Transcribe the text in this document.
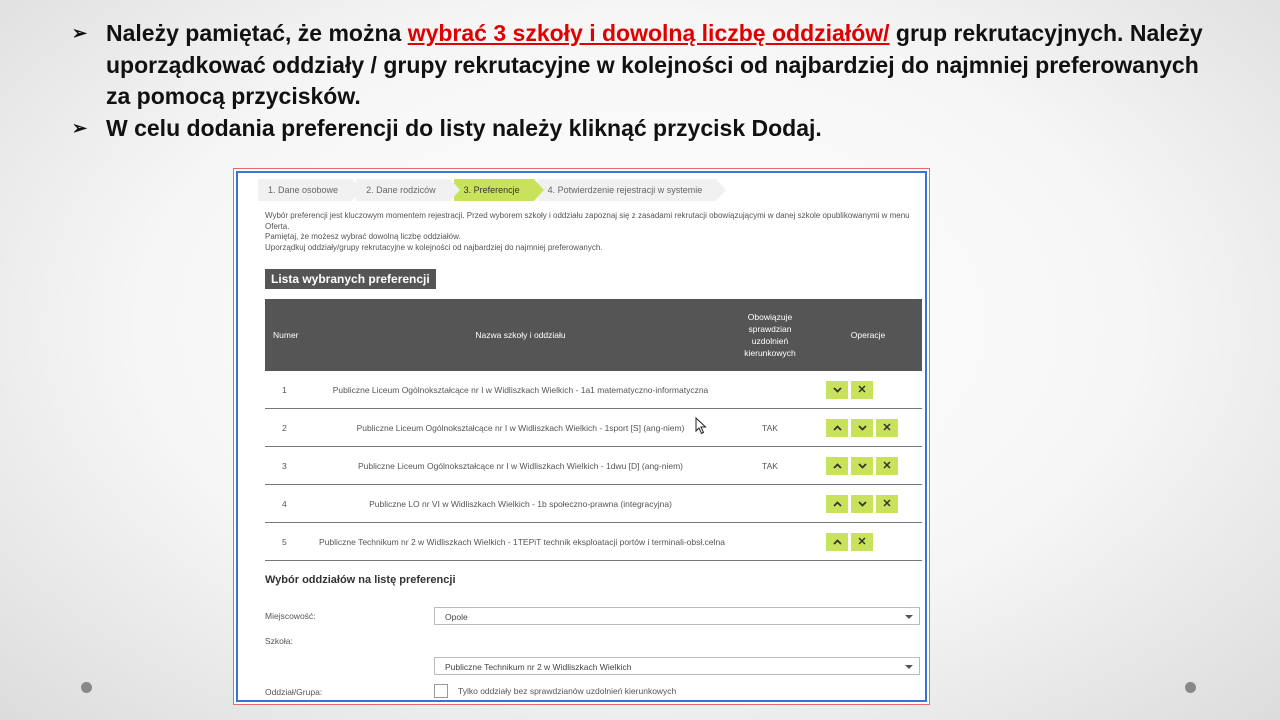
➢ Należy pamiętać, że można wybrać 3 szkoły i dowolną liczbę oddziałów/ grup rekrutacyjnych. Należy uporządkować oddziały / grupy rekrutacyjne w kolejności od najbardziej do najmniej preferowanych za pomocą przycisków.
➢ W celu dodania preferencji do listy należy kliknąć przycisk Dodaj.
1. Dane osobowe	2. Dane rodziców	3. Preferencje	4. Potwierdzenie rejestracji w systemie

Wybór preferencji jest kluczowym momentem rejestracji. Przed wyborem szkoły i oddziału zapoznaj się z zasadami rekrutacji obowiązującymi w danej szkole opublikowanymi w menu Oferta.

Pamiętaj, że możesz wybrać dowolną liczbę oddziałów.

Uporządkuj oddziały/grupy rekrutacyjne w kolejności od najbardziej do najmniej preferowanych.

Lista wybranych preferencji
Numer	Nazwa szkoły i oddziału	Obowiązuje sprawdzian uzdolnień kierunkowych	Operacje
1	Publiczne Liceum Ogólnokształcące nr I w Widliszkach Wielkich - 1a1 matematyczno-informatyczna		✕
2	Publiczne Liceum Ogólnokształcące nr I w Widliszkach Wielkich - 1sport [S] (ang-niem)	TAK	✕
3	Publiczne Liceum Ogólnokształcące nr I w Widliszkach Wielkich - 1dwu [D] (ang-niem)	TAK	✕
4	Publiczne LO nr VI w Widliszkach Wielkich - 1b społeczno-prawna (integracyjna)		✕
5	Publiczne Technikum nr 2 w Widliszkach Wielkich - 1TEPiT technik eksploatacji portów i terminali-obsł.celna		✕
Wybór oddziałów na listę preferencji
Miejscowość:	Opole
Szkoła:
Publiczne Technikum nr 2 w Widliszkach Wielkich
Oddział/Grupa:	Tylko oddziały bez sprawdzianów uzdolnień kierunkowych
